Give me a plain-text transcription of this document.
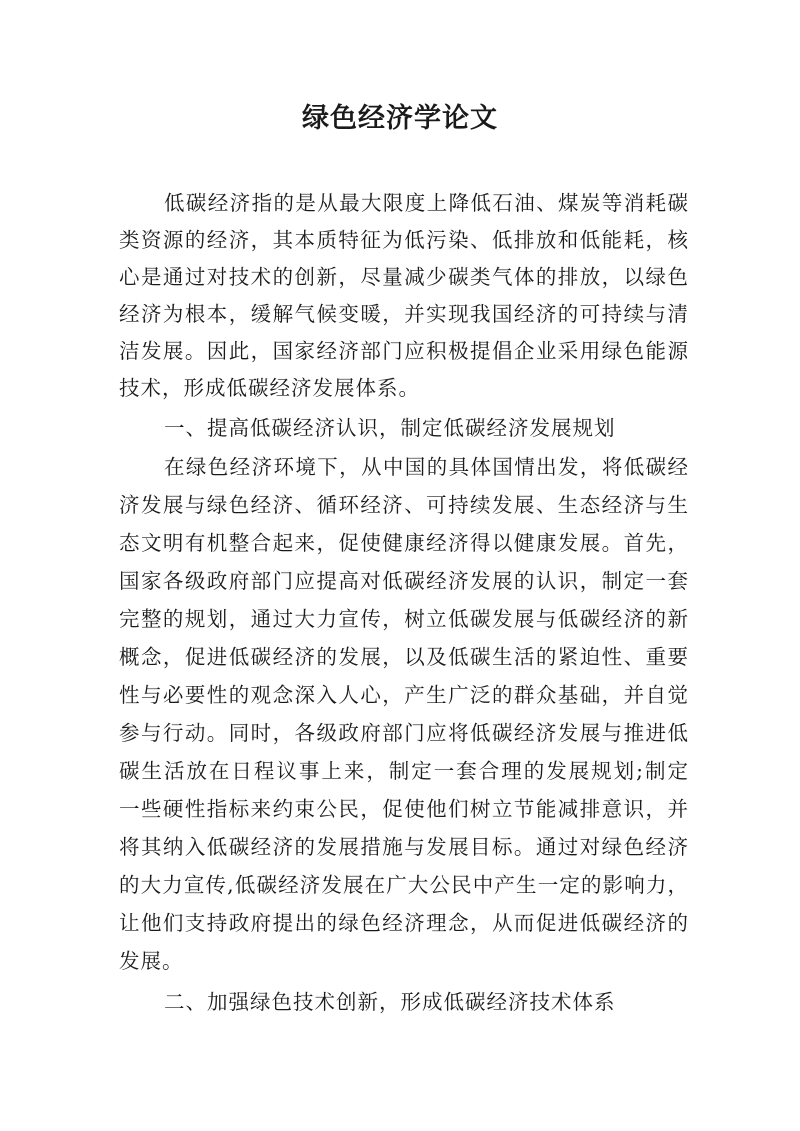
绿色经济学论文
低碳经济指的是从最大限度上降低石油、煤炭等消耗碳
类资源的经济，其本质特征为低污染、低排放和低能耗，核
心是通过对技术的创新，尽量减少碳类气体的排放，以绿色
经济为根本，缓解气候变暖，并实现我国经济的可持续与清
洁发展。因此，国家经济部门应积极提倡企业采用绿色能源
技术，形成低碳经济发展体系。
一、提高低碳经济认识，制定低碳经济发展规划
在绿色经济环境下，从中国的具体国情出发，将低碳经
济发展与绿色经济、循环经济、可持续发展、生态经济与生
态文明有机整合起来，促使健康经济得以健康发展。首先，
国家各级政府部门应提高对低碳经济发展的认识，制定一套
完整的规划，通过大力宣传，树立低碳发展与低碳经济的新
概念，促进低碳经济的发展，以及低碳生活的紧迫性、重要
性与必要性的观念深入人心，产生广泛的群众基础，并自觉
参与行动。同时，各级政府部门应将低碳经济发展与推进低
碳生活放在日程议事上来，制定一套合理的发展规划;制定
一些硬性指标来约束公民，促使他们树立节能减排意识，并
将其纳入低碳经济的发展措施与发展目标。通过对绿色经济
的大力宣传,低碳经济发展在广大公民中产生一定的影响力，
让他们支持政府提出的绿色经济理念，从而促进低碳经济的
发展。
二、加强绿色技术创新，形成低碳经济技术体系
